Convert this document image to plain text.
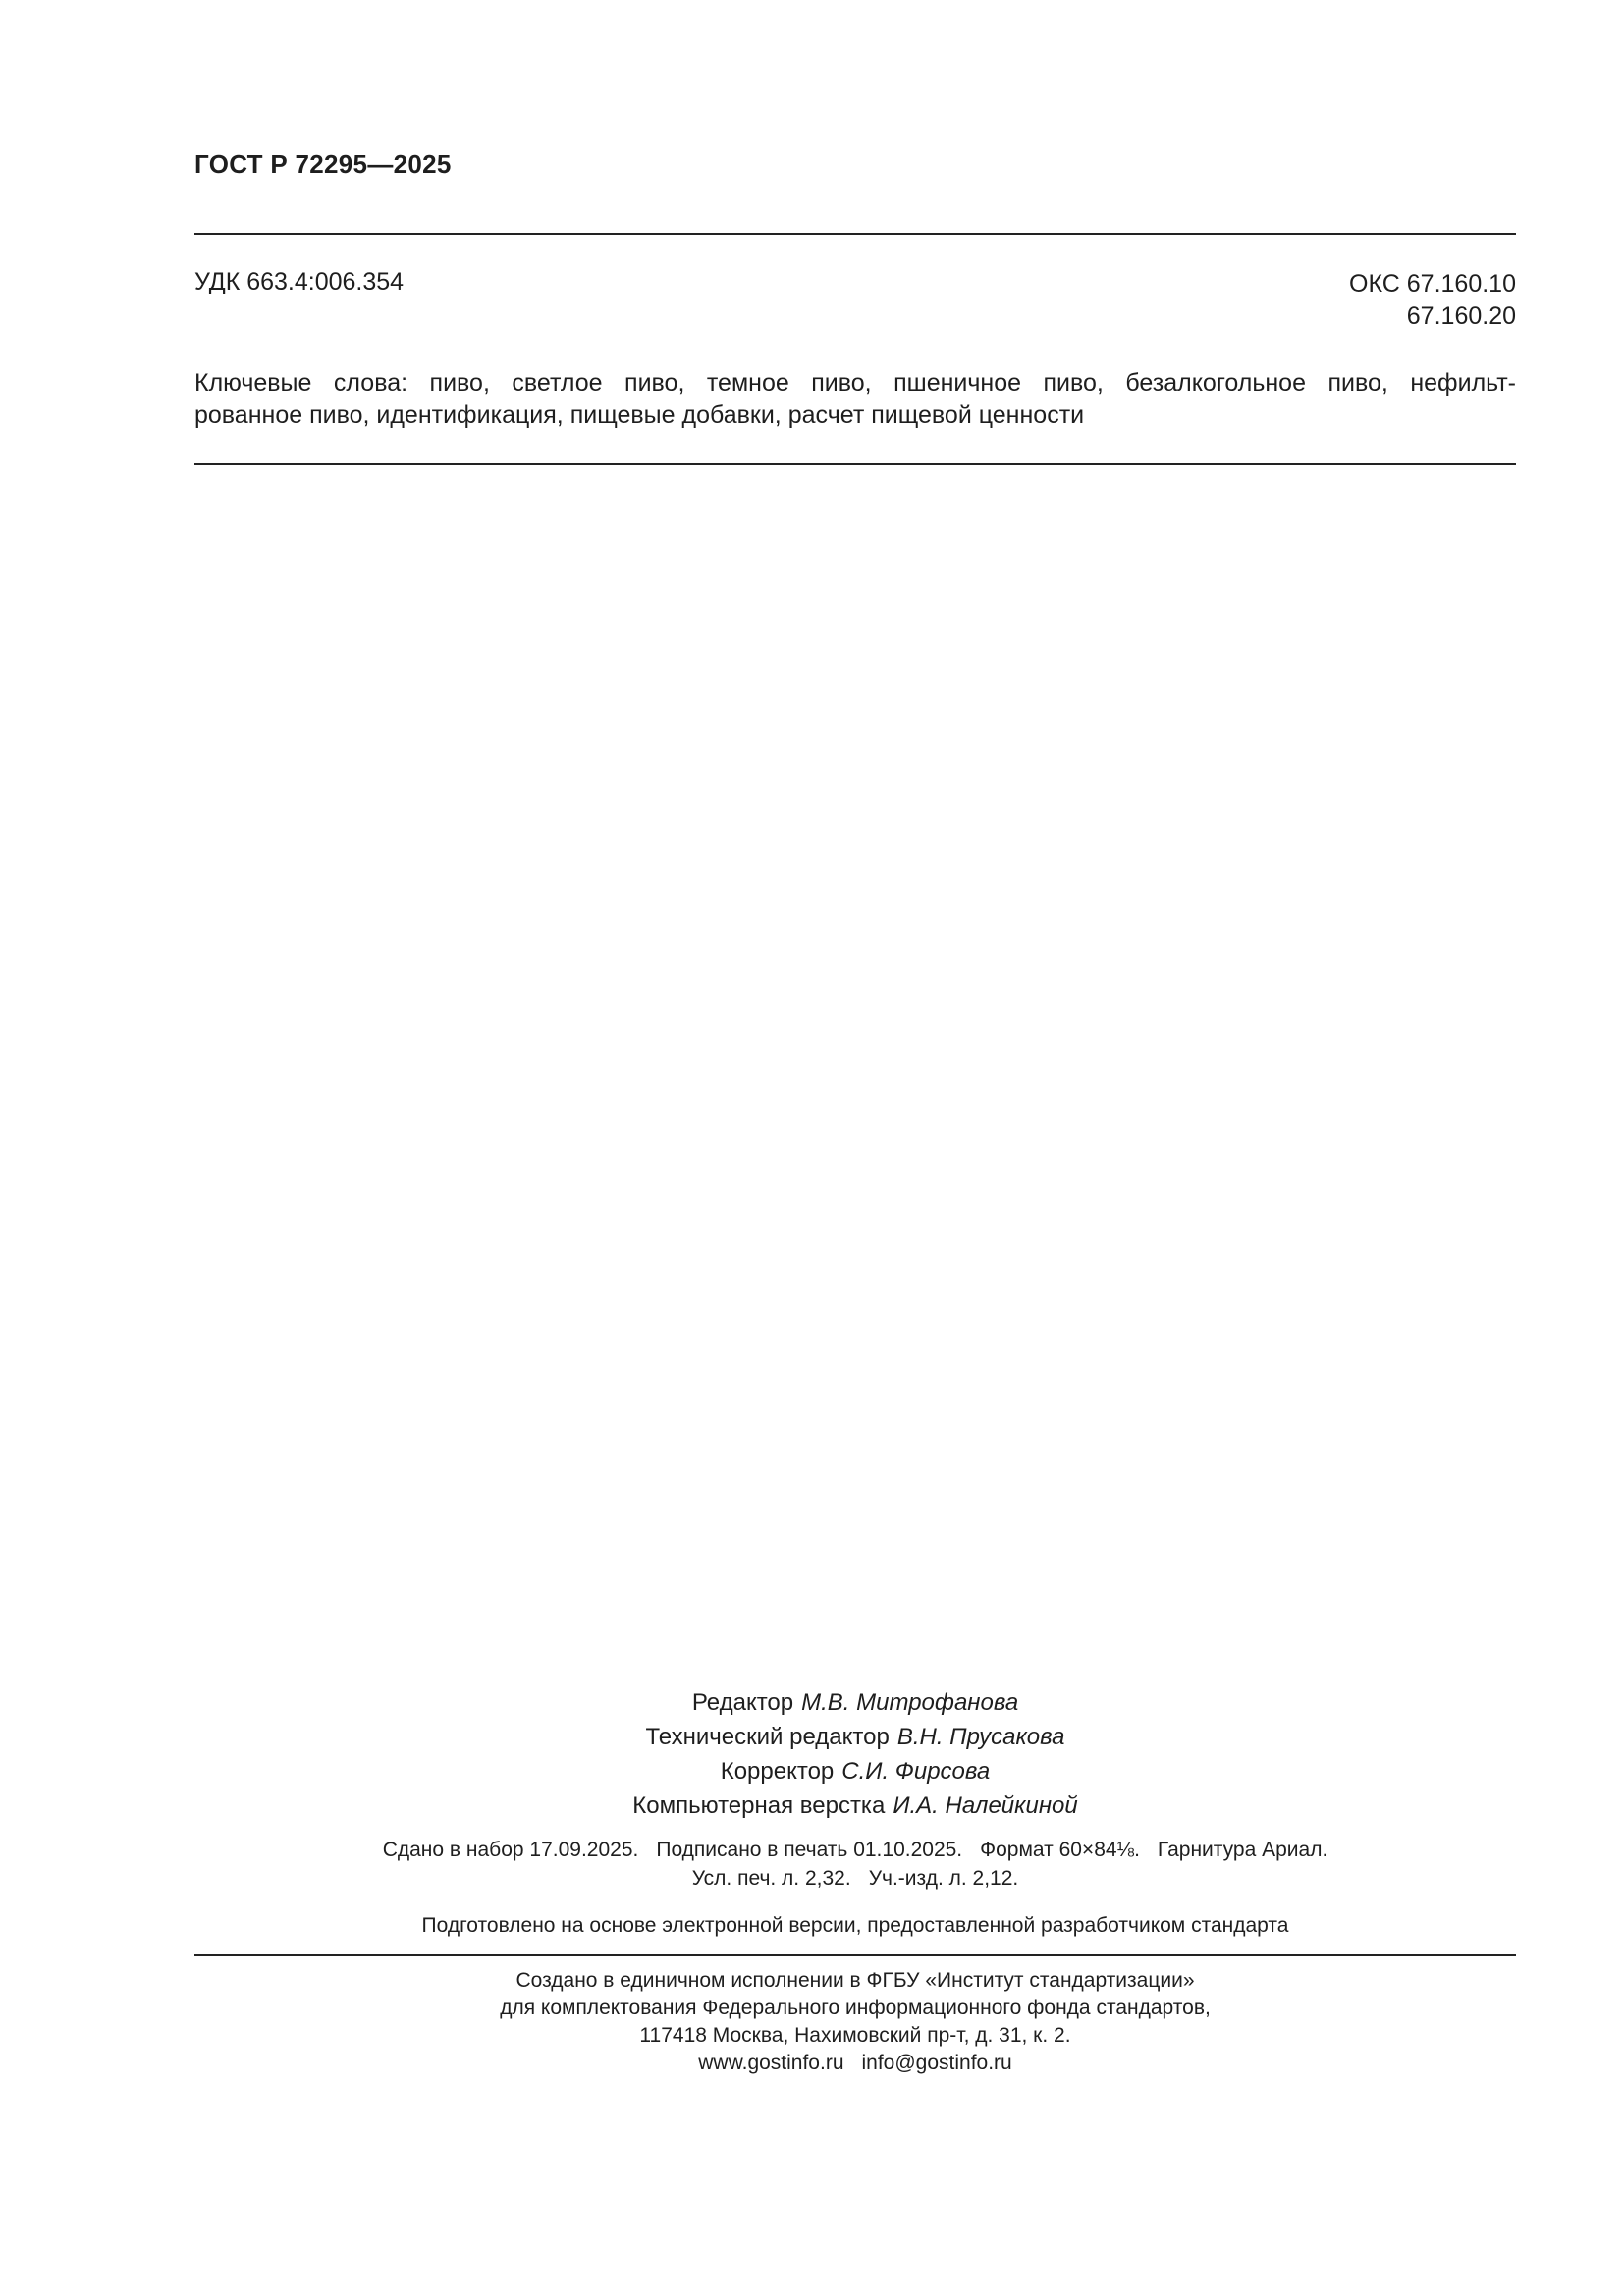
ГОСТ Р 72295—2025
УДК 663.4:006.354	ОКС 67.160.10
67.160.20
Ключевые слова: пиво, светлое пиво, темное пиво, пшеничное пиво, безалкогольное пиво, нефильт-
рованное пиво, идентификация, пищевые добавки, расчет пищевой ценности
Редактор М.В. Митрофанова
Технический редактор В.Н. Прусакова
Корректор С.И. Фирсова
Компьютерная верстка И.А. Налейкиной
Сдано в набор 17.09.2025. Подписано в печать 01.10.2025. Формат 60×84⅛. Гарнитура Ариал.
Усл. печ. л. 2,32. Уч.-изд. л. 2,12.
Подготовлено на основе электронной версии, предоставленной разработчиком стандарта
Создано в единичном исполнении в ФГБУ «Институт стандартизации»
для комплектования Федерального информационного фонда стандартов,
117418 Москва, Нахимовский пр-т, д. 31, к. 2.
www.gostinfo.ru info@gostinfo.ru
